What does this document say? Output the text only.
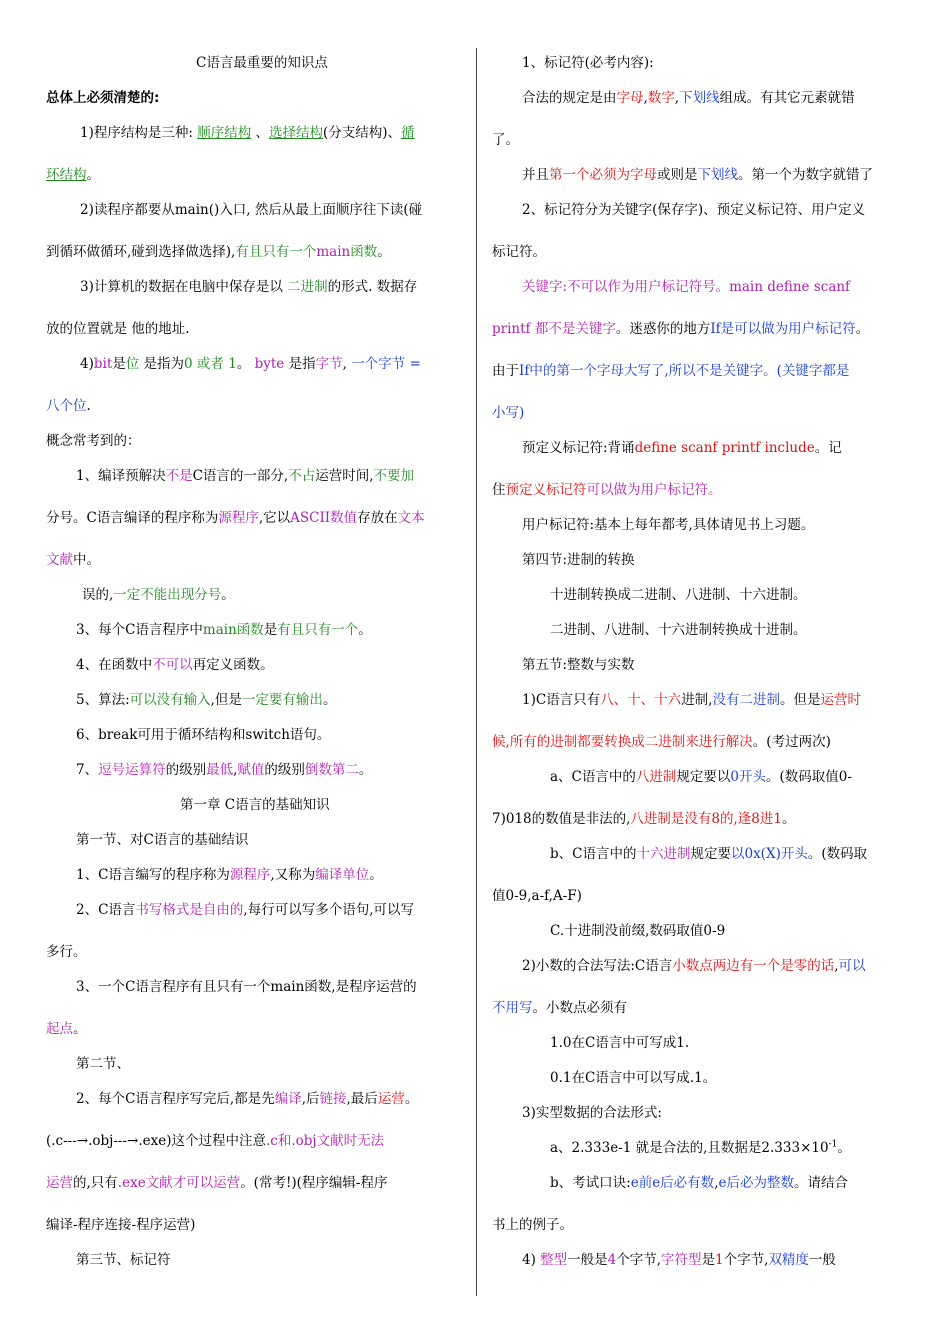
C语言最重要的知识点
总体上必须清楚的:
1)程序结构是三种: 顺序结构 、选择结构(分支结构)、循
环结构。
2)读程序都要从main()入口, 然后从最上面顺序往下读(碰
到循环做循环,碰到选择做选择),有且只有一个main函数。
3)计算机的数据在电脑中保存是以 二进制的形式. 数据存
放的位置就是 他的地址.
4)bit是位 是指为0 或者 1。 byte 是指字节, 一个字节 =
八个位.
概念常考到的：
1、编译预解决不是C语言的一部分,不占运营时间,不要加
分号。C语言编译的程序称为源程序,它以ASCII数值存放在文本
文献中。
误的,一定不能出现分号。
3、每个C语言程序中main函数是有且只有一个。
4、在函数中不可以再定义函数。
5、算法:可以没有输入,但是一定要有输出。
6、break可用于循环结构和switch语句。
7、逗号运算符的级别最低,赋值的级别倒数第二。
第一章 C语言的基础知识
第一节、对C语言的基础结识
1、C语言编写的程序称为源程序,又称为编译单位。
2、C语言书写格式是自由的,每行可以写多个语句,可以写
多行。
3、一个C语言程序有且只有一个main函数,是程序运营的
起点。
第二节、
2、每个C语言程序写完后,都是先编译,后链接,最后运营。
(.c---→.obj---→.exe)这个过程中注意.c和.obj文献时无法
运营的,只有.exe文献才可以运营。(常考!)(程序编辑-程序
编译-程序连接-程序运营)
第三节、标记符
1、标记符(必考内容):
合法的规定是由字母,数字,下划线组成。有其它元素就错
了。
并且第一个必须为字母或则是下划线。第一个为数字就错了
2、标记符分为关键字(保存字)、预定义标记符、用户定义
标记符。
关键字:不可以作为用户标记符号。main define scanf
printf 都不是关键字。迷惑你的地方If是可以做为用户标记符。
由于If中的第一个字母大写了,所以不是关键字。(关键字都是
小写)
预定义标记符:背诵define scanf printf include。记
住预定义标记符可以做为用户标记符。
用户标记符:基本上每年都考,具体请见书上习题。
第四节:进制的转换
十进制转换成二进制、八进制、十六进制。
二进制、八进制、十六进制转换成十进制。
第五节:整数与实数
1)C语言只有八、十、十六进制,没有二进制。但是运营时
候,所有的进制都要转换成二进制来进行解决。(考过两次)
a、C语言中的八进制规定要以0开头。(数码取值0-
7)018的数值是非法的,八进制是没有8的,逢8进1。
b、C语言中的十六进制规定要以0x(X)开头。(数码取
值0-9,a-f,A-F)
C.十进制没前缀,数码取值0-9
2)小数的合法写法:C语言小数点两边有一个是零的话,可以
不用写。小数点必须有
1.0在C语言中可写成1.
0.1在C语言中可以写成.1。
3)实型数据的合法形式:
a、2.333e-1 就是合法的,且数据是$2.333\times 10^{-1}$。
b、考试口诀:e前e后必有数,e后必为整数。请结合
书上的例子。
4) 整型一般是4个字节,字符型是1个字节,双精度一般
